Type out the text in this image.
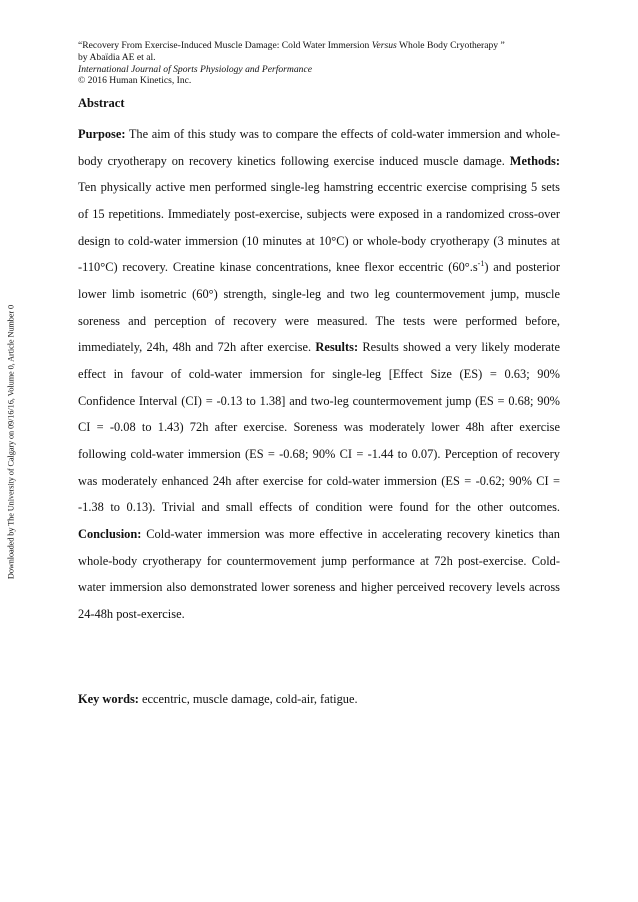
Downloaded by The University of Calgary on 09/16/16, Volume 0, Article Number 0
“Recovery From Exercise-Induced Muscle Damage: Cold Water Immersion Versus Whole Body Cryotherapy ”
by Abaïdia AE et al.
International Journal of Sports Physiology and Performance
© 2016 Human Kinetics, Inc.
Abstract

Purpose: The aim of this study was to compare the effects of cold-water immersion and whole-body cryotherapy on recovery kinetics following exercise induced muscle damage. Methods: Ten physically active men performed single-leg hamstring eccentric exercise comprising 5 sets of 15 repetitions. Immediately post-exercise, subjects were exposed in a randomized cross-over design to cold-water immersion (10 minutes at 10°C) or whole-body cryotherapy (3 minutes at -110°C) recovery. Creatine kinase concentrations, knee flexor eccentric $(60^\circ.s^{-1})$ and posterior lower limb isometric (60°) strength, single-leg and two leg countermovement jump, muscle soreness and perception of recovery were measured. The tests were performed before, immediately, 24h, 48h and 72h after exercise. Results: Results showed a very likely moderate effect in favour of cold-water immersion for single-leg [Effect Size (ES) = 0.63; 90% Confidence Interval (CI) = -0.13 to 1.38] and two-leg countermovement jump (ES = 0.68; 90% CI = -0.08 to 1.43) 72h after exercise. Soreness was moderately lower 48h after exercise following cold-water immersion (ES = -0.68; 90% CI = -1.44 to 0.07). Perception of recovery was moderately enhanced 24h after exercise for cold-water immersion (ES = -0.62; 90% CI = -1.38 to 0.13). Trivial and small effects of condition were found for the other outcomes. Conclusion: Cold-water immersion was more effective in accelerating recovery kinetics than whole-body cryotherapy for countermovement jump performance at 72h post-exercise. Cold-water immersion also demonstrated lower soreness and higher perceived recovery levels across 24-48h post-exercise.

Key words: eccentric, muscle damage, cold-air, fatigue.
